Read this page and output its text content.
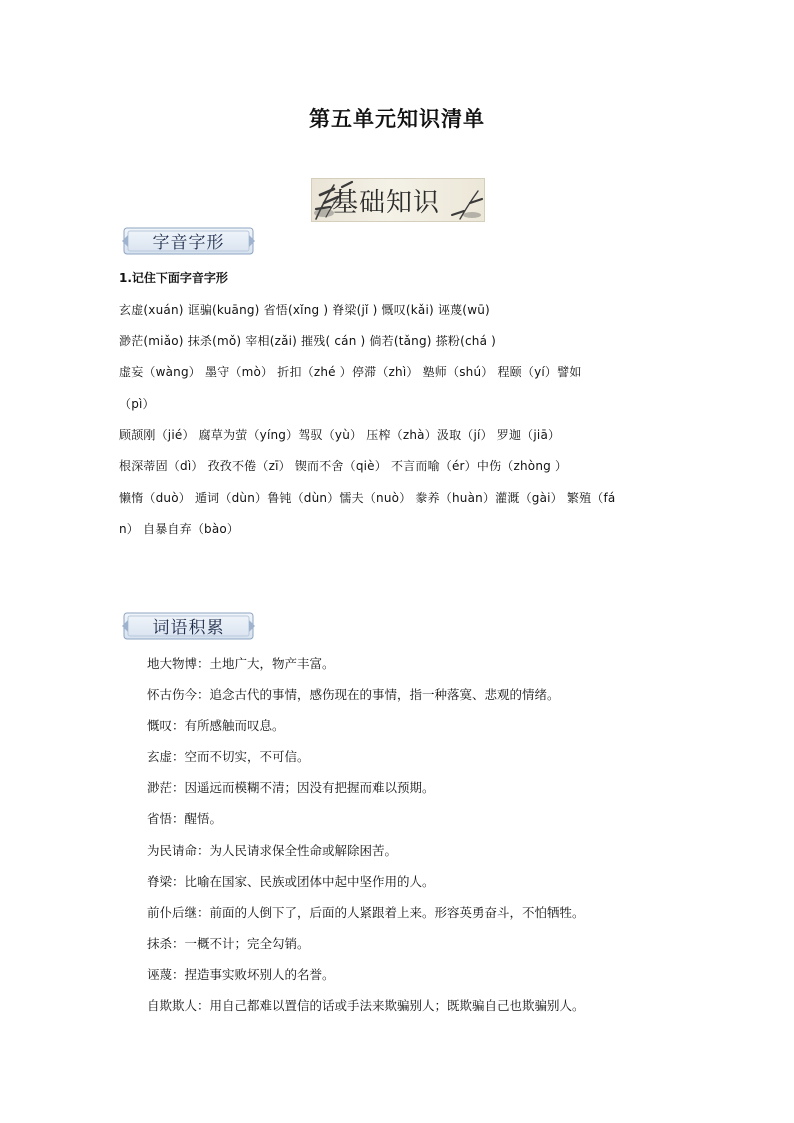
第五单元知识清单
基础知识
字音字形
1.记住下面字音字形
玄虚(xuán) 诓骗(kuāng) 省悟(xǐng ) 脊梁(jǐ ) 慨叹(kǎi) 诬蔑(wū)
渺茫(miǎo) 抹杀(mǒ) 宰相(zǎi) 摧残( cán ) 倘若(tǎng) 搽粉(chá )
虚妄（wàng） 墨守（mò） 折扣（zhé ）停滞（zhì） 塾师（shú） 程颐（yí）譬如
（pì）
顾颉刚（jié） 腐草为萤（yíng）驾驭（yù） 压榨（zhà）汲取（jí） 罗迦（jiā）
根深蒂固（dì） 孜孜不倦（zī） 锲而不舍（qiè） 不言而喻（ér）中伤（zhòng ）
懒惰（duò） 遁词（dùn）鲁钝（dùn）懦夫（nuò） 豢养（huàn）灌溉（gài） 繁殖（fá
n） 自暴自弃（bào）
词语积累
地大物博：土地广大，物产丰富。
怀古伤今：追念古代的事情，感伤现在的事情，指一种落寞、悲观的情绪。
慨叹：有所感触而叹息。
玄虚：空而不切实，不可信。
渺茫：因遥远而模糊不清；因没有把握而难以预期。
省悟：醒悟。
为民请命：为人民请求保全性命或解除困苦。
脊梁：比喻在国家、民族或团体中起中坚作用的人。
前仆后继：前面的人倒下了，后面的人紧跟着上来。形容英勇奋斗，不怕牺牲。
抹杀：一概不计；完全勾销。
诬蔑：捏造事实败坏别人的名誉。
自欺欺人：用自己都难以置信的话或手法来欺骗别人；既欺骗自己也欺骗别人。
